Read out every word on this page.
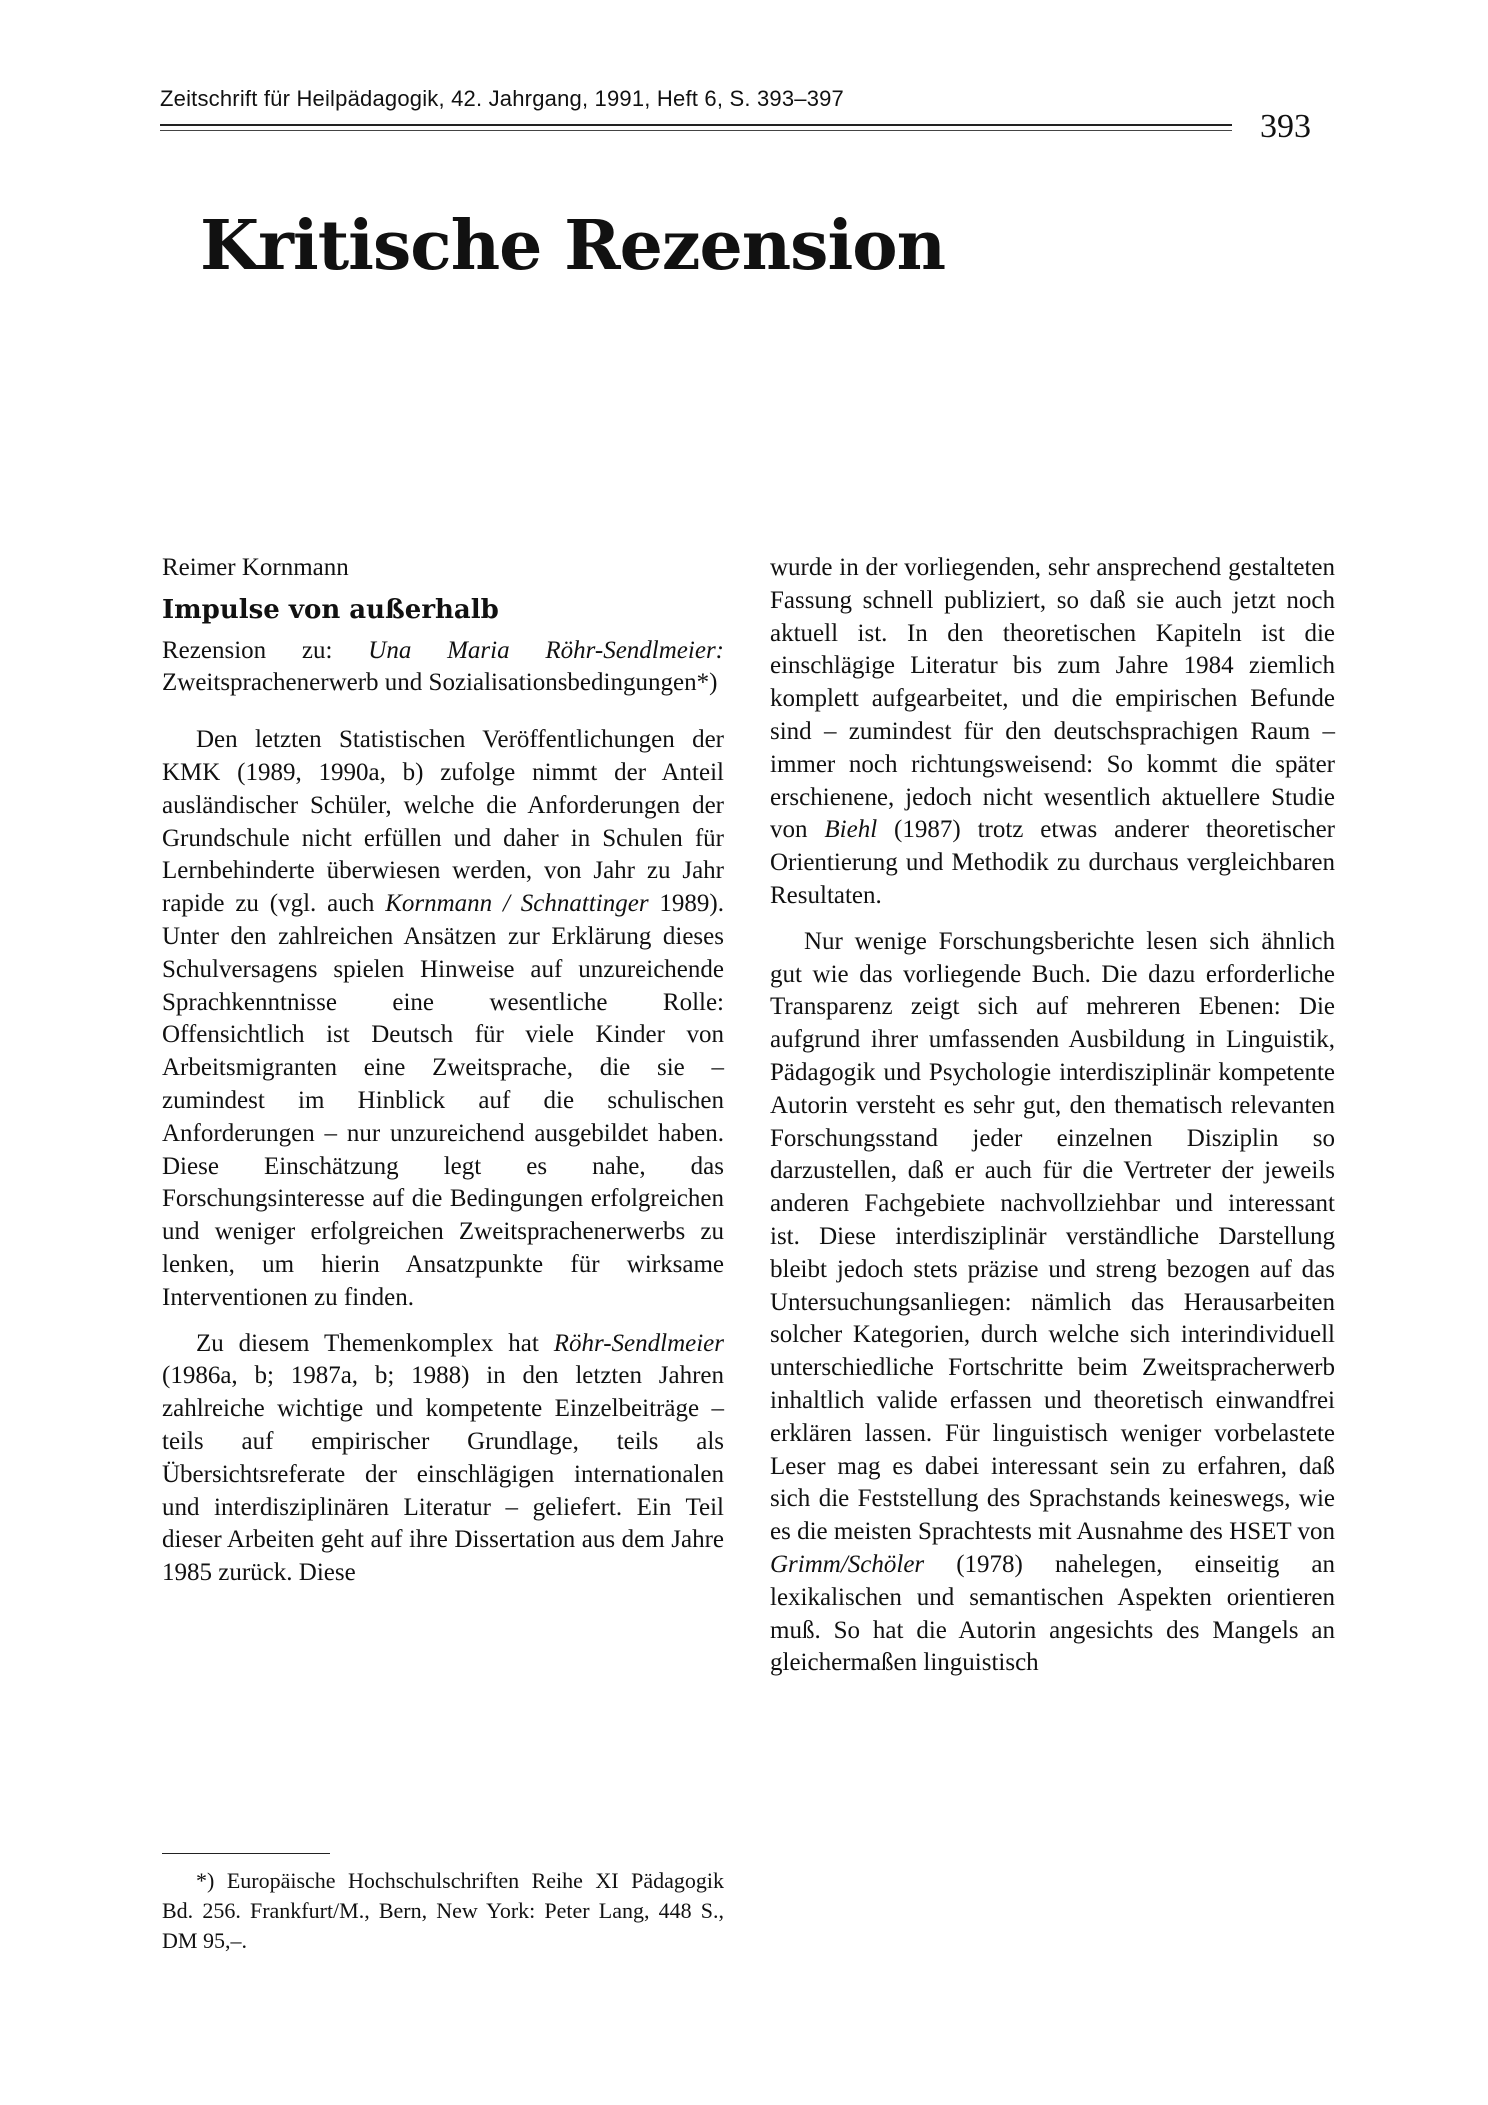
Zeitschrift für Heilpädagogik, 42. Jahrgang, 1991, Heft 6, S. 393–397
393
Kritische Rezension
Reimer Kornmann
Impulse von außerhalb
Rezension zu: Una Maria Röhr-Sendlmeier: Zweitsprachenerwerb und Sozialisationsbedingungen*)

Den letzten Statistischen Veröffentlichungen der KMK (1989, 1990a, b) zufolge nimmt der Anteil ausländischer Schüler, welche die Anforderungen der Grundschule nicht erfüllen und daher in Schulen für Lernbehinderte überwiesen werden, von Jahr zu Jahr rapide zu (vgl. auch Kornmann / Schnattinger 1989). Unter den zahlreichen Ansätzen zur Erklärung dieses Schulversagens spielen Hinweise auf unzureichende Sprachkenntnisse eine wesentliche Rolle: Offensichtlich ist Deutsch für viele Kinder von Arbeitsmigranten eine Zweitsprache, die sie – zumindest im Hinblick auf die schulischen Anforderungen – nur unzureichend ausgebildet haben. Diese Einschätzung legt es nahe, das Forschungsinteresse auf die Bedingungen erfolgreichen und weniger erfolgreichen Zweitsprachenerwerbs zu lenken, um hierin Ansatzpunkte für wirksame Interventionen zu finden.

Zu diesem Themenkomplex hat Röhr-Sendlmeier (1986a, b; 1987a, b; 1988) in den letzten Jahren zahlreiche wichtige und kompetente Einzelbeiträge – teils auf empirischer Grundlage, teils als Übersichtsreferate der einschlägigen internationalen und interdisziplinären Literatur – geliefert. Ein Teil dieser Arbeiten geht auf ihre Dissertation aus dem Jahre 1985 zurück. Diese

wurde in der vorliegenden, sehr ansprechend gestalteten Fassung schnell publiziert, so daß sie auch jetzt noch aktuell ist. In den theoretischen Kapiteln ist die einschlägige Literatur bis zum Jahre 1984 ziemlich komplett aufgearbeitet, und die empirischen Befunde sind – zumindest für den deutschsprachigen Raum – immer noch richtungsweisend: So kommt die später erschienene, jedoch nicht wesentlich aktuellere Studie von Biehl (1987) trotz etwas anderer theoretischer Orientierung und Methodik zu durchaus vergleichbaren Resultaten.

Nur wenige Forschungsberichte lesen sich ähnlich gut wie das vorliegende Buch. Die dazu erforderliche Transparenz zeigt sich auf mehreren Ebenen: Die aufgrund ihrer umfassenden Ausbildung in Linguistik, Pädagogik und Psychologie interdisziplinär kompetente Autorin versteht es sehr gut, den thematisch relevanten Forschungsstand jeder einzelnen Disziplin so darzustellen, daß er auch für die Vertreter der jeweils anderen Fachgebiete nachvollziehbar und interessant ist. Diese interdisziplinär verständliche Darstellung bleibt jedoch stets präzise und streng bezogen auf das Untersuchungsanliegen: nämlich das Herausarbeiten solcher Kategorien, durch welche sich interindividuell unterschiedliche Fortschritte beim Zweitspracherwerb inhaltlich valide erfassen und theoretisch einwandfrei erklären lassen. Für linguistisch weniger vorbelastete Leser mag es dabei interessant sein zu erfahren, daß sich die Feststellung des Sprachstands keineswegs, wie es die meisten Sprachtests mit Ausnahme des HSET von Grimm/Schöler (1978) nahelegen, einseitig an lexikalischen und semantischen Aspekten orientieren muß. So hat die Autorin angesichts des Mangels an gleichermaßen linguistisch

*) Europäische Hochschulschriften Reihe XI Pädagogik Bd. 256. Frankfurt/M., Bern, New York: Peter Lang, 448 S., DM 95,–.
